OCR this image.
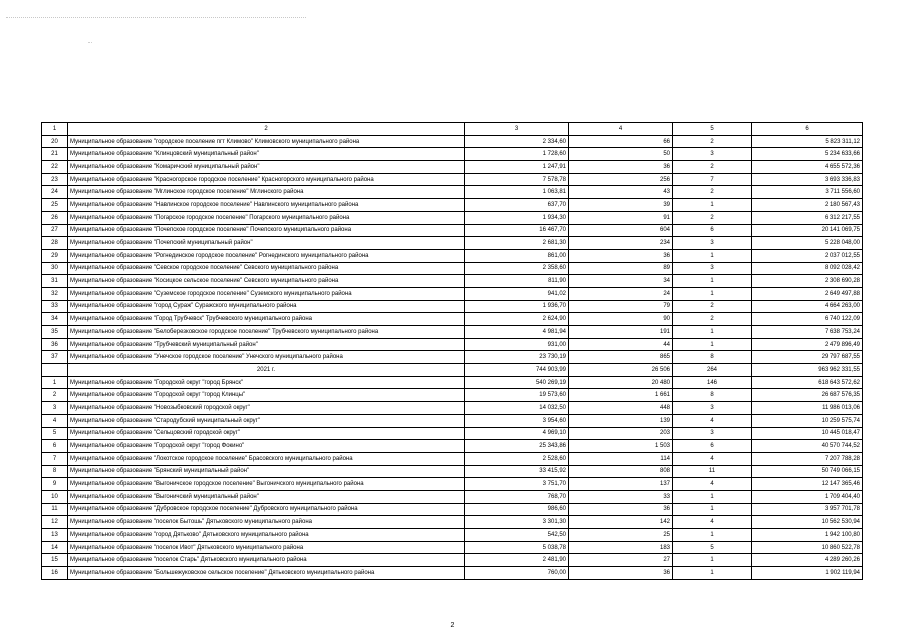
1	2	3	4	5	6
20	Муниципальное образование "городское поселение пгт Климово" Климовского муниципального района	2 334,60	66	2	5 823 311,12
21	Муниципальное образование "Клинцовский муниципальный район"	1 728,60	50	3	5 234 633,66
22	Муниципальное образование "Комаричский муниципальный район"	1 247,91	36	2	4 655 572,36
23	Муниципальное образование "Красногорское городское поселение" Красногорского муниципального района	7 578,78	256	7	3 693 336,83
24	Муниципальное образование "Мглинское городское поселение" Мглинского района	1 063,81	43	2	3 711 556,60
25	Муниципальное образование "Навлинское городское поселение" Навлинского муниципального района	637,70	39	1	2 180 567,43
26	Муниципальное образование "Погарское городское поселение" Погарского муниципального района	1 934,30	91	2	6 312 217,55
27	Муниципальное образование "Почепское городское поселение" Почепского муниципального района	16 467,70	604	6	20 141 069,75
28	Муниципальное образование "Почепский муниципальный район"	2 681,30	234	3	5 228 048,00
29	Муниципальное образование "Рогнединское городское поселение" Рогнединского муниципального района	861,00	36	1	2 037 012,55
30	Муниципальное образование "Севское городское поселение" Севского муниципального района	2 358,60	89	3	8 092 028,42
31	Муниципальное образование "Косицкое сельское поселение" Севского муниципального района	811,90	34	1	2 308 690,28
32	Муниципальное образование "Суземское городское поселение" Суземского муниципального района	941,02	24	1	2 649 497,88
33	Муниципальное образование "город Сураж" Суражского муниципального района	1 936,70	79	2	4 664 263,00
34	Муниципальное образование "Город Трубчевск" Трубчевского муниципального района	2 624,90	90	2	6 740 122,09
35	Муниципальное образование "Белоберезковское городское поселение" Трубчевского муниципального района	4 981,94	191	1	7 638 753,24
36	Муниципальное образование "Трубчевский муниципальный район"	931,00	44	1	2 479 896,49
37	Муниципальное образование "Унечское городское поселение" Унечского муниципального района	23 730,19	865	8	29 797 687,55
	2021 г.	744 903,99	26 506	264	963 962 331,55
1	Муниципальное образование "Городской округ "город Брянск"	540 269,19	20 480	146	618 643 572,62
2	Муниципальное образование "Городской округ "город Клинцы"	19 573,60	1 661	8	26 687 576,35
3	Муниципальное образование "Новозыбковский городской округ"	14 032,50	448	3	11 986 013,06
4	Муниципальное образование "Стародубский муниципальный округ"	3 954,60	139	4	10 259 575,74
5	Муниципальное образование "Сельцовский городской округ"	4 969,10	203	3	10 445 018,47
6	Муниципальное образование "Городской округ "город Фокино"	25 343,86	1 503	6	40 570 744,52
7	Муниципальное образование "Локотское городское поселение" Брасовского муниципального района	2 528,60	114	4	7 207 788,28
8	Муниципальное образование "Брянский муниципальный район"	33 415,92	808	11	50 749 066,15
9	Муниципальное образование "Выгоничское городское поселение" Выгоничского муниципального района	3 751,70	137	4	12 147 365,46
10	Муниципальное образование "Выгоничский муниципальный район"	768,70	33	1	1 709 404,40
11	Муниципальное образование "Дубровское городское поселение" Дубровского муниципального района	986,60	36	1	3 957 701,78
12	Муниципальное образование "поселок Бытошь" Дятьковского муниципального района	3 301,30	142	4	10 562 530,94
13	Муниципальное образование "город Дятьково" Дятьковского муниципального района	542,50	25	1	1 942 100,80
14	Муниципальное образование "поселок Ивот" Дятьковского муниципального района	5 038,78	183	5	10 860 522,78
15	Муниципальное образование "поселок Старь" Дятьковского муниципального района	2 481,90	27	1	4 289 260,26
16	Муниципальное образование "Большежуковское сельское поселение" Дятьковского муниципального района	760,00	36	1	1 902 119,94
2
